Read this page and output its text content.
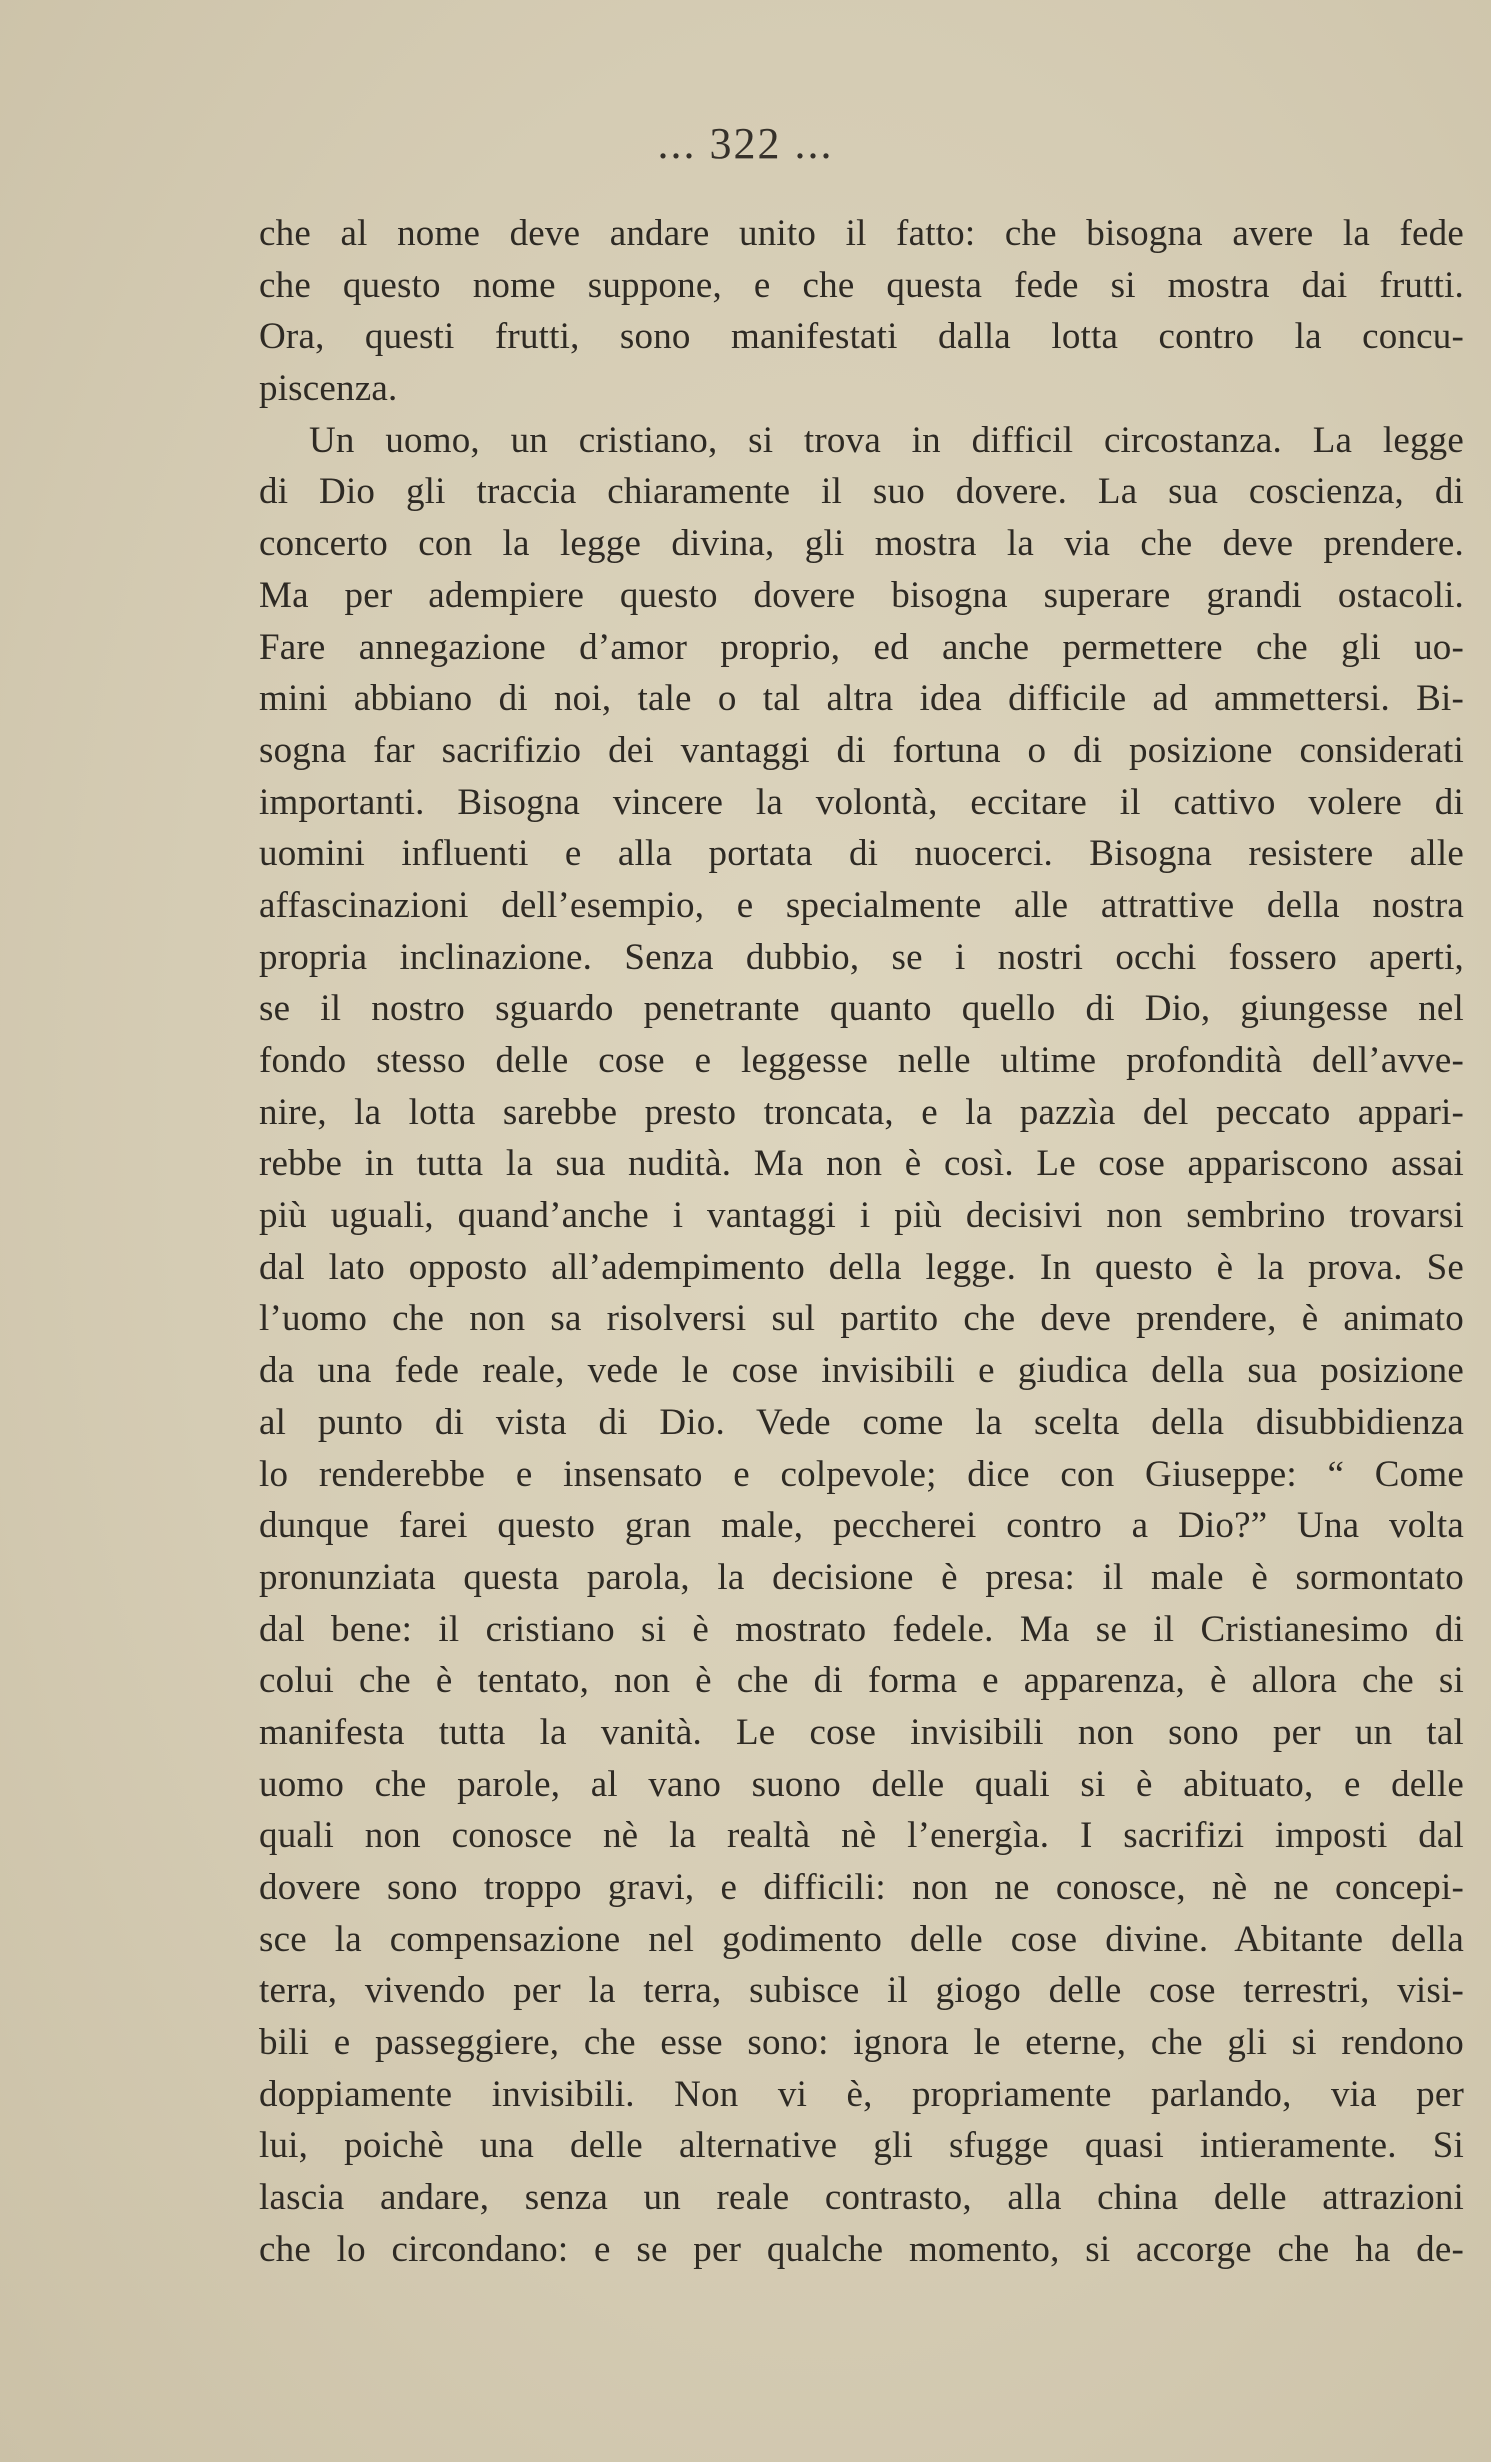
... 322 ...
che al nome deve andare unito il fatto: che bisogna avere la fede
che questo nome suppone, e che questa fede si mostra dai frutti.
Ora, questi frutti, sono manifestati dalla lotta contro la concu-
piscenza.
Un uomo, un cristiano, si trova in difficil circostanza. La legge
di Dio gli traccia chiaramente il suo dovere. La sua coscienza, di
concerto con la legge divina, gli mostra la via che deve prendere.
Ma per adempiere questo dovere bisogna superare grandi ostacoli.
Fare annegazione d’amor proprio, ed anche permettere che gli uo-
mini abbiano di noi, tale o tal altra idea difficile ad ammettersi. Bi-
sogna far sacrifizio dei vantaggi di fortuna o di posizione considerati
importanti. Bisogna vincere la volontà, eccitare il cattivo volere di
uomini influenti e alla portata di nuocerci. Bisogna resistere alle
affascinazioni dell’esempio, e specialmente alle attrattive della nostra
propria inclinazione. Senza dubbio, se i nostri occhi fossero aperti,
se il nostro sguardo penetrante quanto quello di Dio, giungesse nel
fondo stesso delle cose e leggesse nelle ultime profondità dell’avve-
nire, la lotta sarebbe presto troncata, e la pazzìa del peccato appari-
rebbe in tutta la sua nudità. Ma non è così. Le cose appariscono assai
più uguali, quand’anche i vantaggi i più decisivi non sembrino trovarsi
dal lato opposto all’adempimento della legge. In questo è la prova. Se
l’uomo che non sa risolversi sul partito che deve prendere, è animato
da una fede reale, vede le cose invisibili e giudica della sua posizione
al punto di vista di Dio. Vede come la scelta della disubbidienza
lo renderebbe e insensato e colpevole; dice con Giuseppe: “ Come
dunque farei questo gran male, peccherei contro a Dio?” Una volta
pronunziata questa parola, la decisione è presa: il male è sormontato
dal bene: il cristiano si è mostrato fedele. Ma se il Cristianesimo di
colui che è tentato, non è che di forma e apparenza, è allora che si
manifesta tutta la vanità. Le cose invisibili non sono per un tal
uomo che parole, al vano suono delle quali si è abituato, e delle
quali non conosce nè la realtà nè l’energìa. I sacrifizi imposti dal
dovere sono troppo gravi, e difficili: non ne conosce, nè ne concepi-
sce la compensazione nel godimento delle cose divine. Abitante della
terra, vivendo per la terra, subisce il giogo delle cose terrestri, visi-
bili e passeggiere, che esse sono: ignora le eterne, che gli si rendono
doppiamente invisibili. Non vi è, propriamente parlando, via per
lui, poichè una delle alternative gli sfugge quasi intieramente. Si
lascia andare, senza un reale contrasto, alla china delle attrazioni
che lo circondano: e se per qualche momento, si accorge che ha de-
